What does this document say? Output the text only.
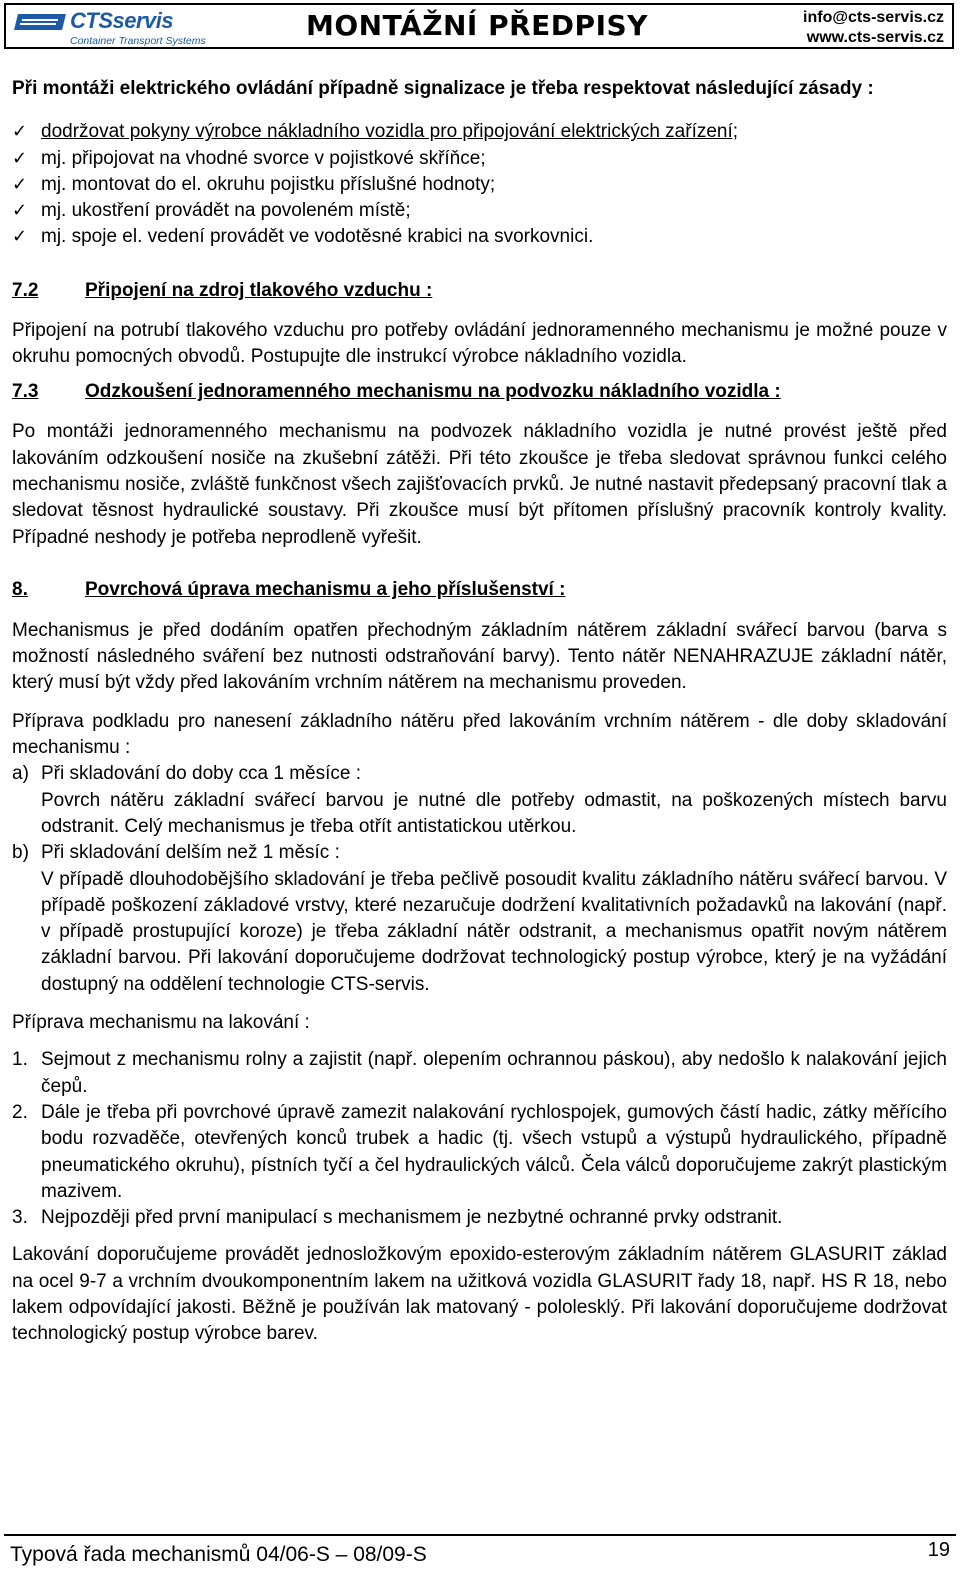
CTSservis
Container Transport Systems	MONTÁŽNÍ PŘEDPISY	info@cts-servis.cz
www.cts-servis.cz

Při montáži elektrického ovládání případně signalizace je třeba respektovat následující zásady :

✓ dodržovat pokyny výrobce nákladního vozidla pro připojování elektrických zařízení;
✓ mj. připojovat na vhodné svorce v pojistkové skříňce;
✓ mj. montovat do el. okruhu pojistku příslušné hodnoty;
✓ mj. ukostření provádět na povoleném místě;
✓ mj. spoje el. vedení provádět ve vodotěsné krabici na svorkovnici.
7.2 Připojení na zdroj tlakového vzduchu :

Připojení na potrubí tlakového vzduchu pro potřeby ovládání jednoramenného mechanismu je možné pouze v okruhu pomocných obvodů. Postupujte dle instrukcí výrobce nákladního vozidla.

7.3 Odzkoušení jednoramenného mechanismu na podvozku nákladního vozidla :

Po montáži jednoramenného mechanismu na podvozek nákladního vozidla je nutné provést ještě před lakováním odzkoušení nosiče na zkušební zátěži. Při této zkoušce je třeba sledovat správnou funkci celého mechanismu nosiče, zvláště funkčnost všech zajišťovacích prvků. Je nutné nastavit předepsaný pracovní tlak a sledovat těsnost hydraulické soustavy. Při zkoušce musí být přítomen příslušný pracovník kontroly kvality. Případné neshody je potřeba neprodleně vyřešit.

8.	Povrchová úprava mechanismu a jeho příslušenství :

Mechanismus je před dodáním opatřen přechodným základním nátěrem základní svářecí barvou (barva s možností následného sváření bez nutnosti odstraňování barvy). Tento nátěr NENAHRAZUJE základní nátěr, který musí být vždy před lakováním vrchním nátěrem na mechanismu proveden.

Příprava podkladu pro nanesení základního nátěru před lakováním vrchním nátěrem - dle doby skladování mechanismu :

a) Při skladování do doby cca 1 měsíce :

Povrch nátěru základní svářecí barvou je nutné dle potřeby odmastit, na poškozených místech barvu odstranit. Celý mechanismus je třeba otřít antistatickou utěrkou.

b) Při skladování delším než 1 měsíc :

V případě dlouhodobějšího skladování je třeba pečlivě posoudit kvalitu základního nátěru svářecí barvou. V případě poškození základové vrstvy, které nezaručuje dodržení kvalitativních požadavků na lakování (např. v případě prostupující koroze) je třeba základní nátěr odstranit, a mechanismus opatřit novým nátěrem základní barvou. Při lakování doporučujeme dodržovat technologický postup výrobce, který je na vyžádání dostupný na oddělení technologie CTS-servis.

Příprava mechanismu na lakování :

1. Sejmout z mechanismu rolny a zajistit (např. olepením ochrannou páskou), aby nedošlo k nalakování jejich čepů.

2. Dále je třeba při povrchové úpravě zamezit nalakování rychlospojek, gumových částí hadic, zátky měřícího bodu rozvaděče, otevřených konců trubek a hadic (tj. všech vstupů a výstupů hydraulického, případně pneumatického okruhu), pístních tyčí a čel hydraulických válců. Čela válců doporučujeme zakrýt plastickým mazivem.

3. Nejpozději před první manipulací s mechanismem je nezbytné ochranné prvky odstranit.

Lakování doporučujeme provádět jednosložkovým epoxido-esterovým základním nátěrem GLASURIT základ na ocel 9-7 a vrchním dvoukomponentním lakem na užitková vozidla GLASURIT řady 18, např. HS R 18, nebo lakem odpovídající jakosti. Běžně je používán lak matovaný - pololesklý. Při lakování doporučujeme dodržovat technologický postup výrobce barev.

Typová řada mechanismů 04/06-S – 08/09-S	19
